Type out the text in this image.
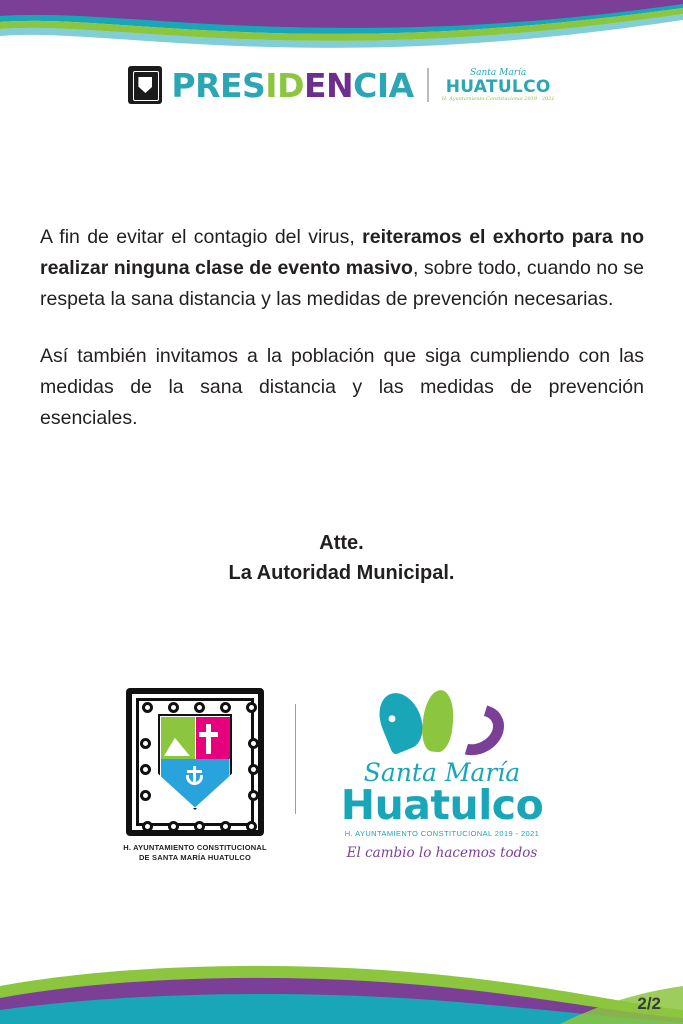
PRESIDENCIA	Santa María
HUATULCO
H. Ayuntamiento Constitucional 2019 - 2021

A fin de evitar el contagio del virus, reiteramos el exhorto para no realizar ninguna clase de evento masivo, sobre todo, cuando no se respeta la sana distancia y las medidas de prevención necesarias.

Así también invitamos a la población que siga cumpliendo con las medidas de la sana distancia y las medidas de prevención esenciales.

Atte.
La Autoridad Municipal.
H. AYUNTAMIENTO CONSTITUCIONAL
DE SANTA MARÍA HUATULCO
Santa María
Huatulco
H. AYUNTAMIENTO CONSTITUCIONAL 2019 - 2021
El cambio lo hacemos todos
2/2
